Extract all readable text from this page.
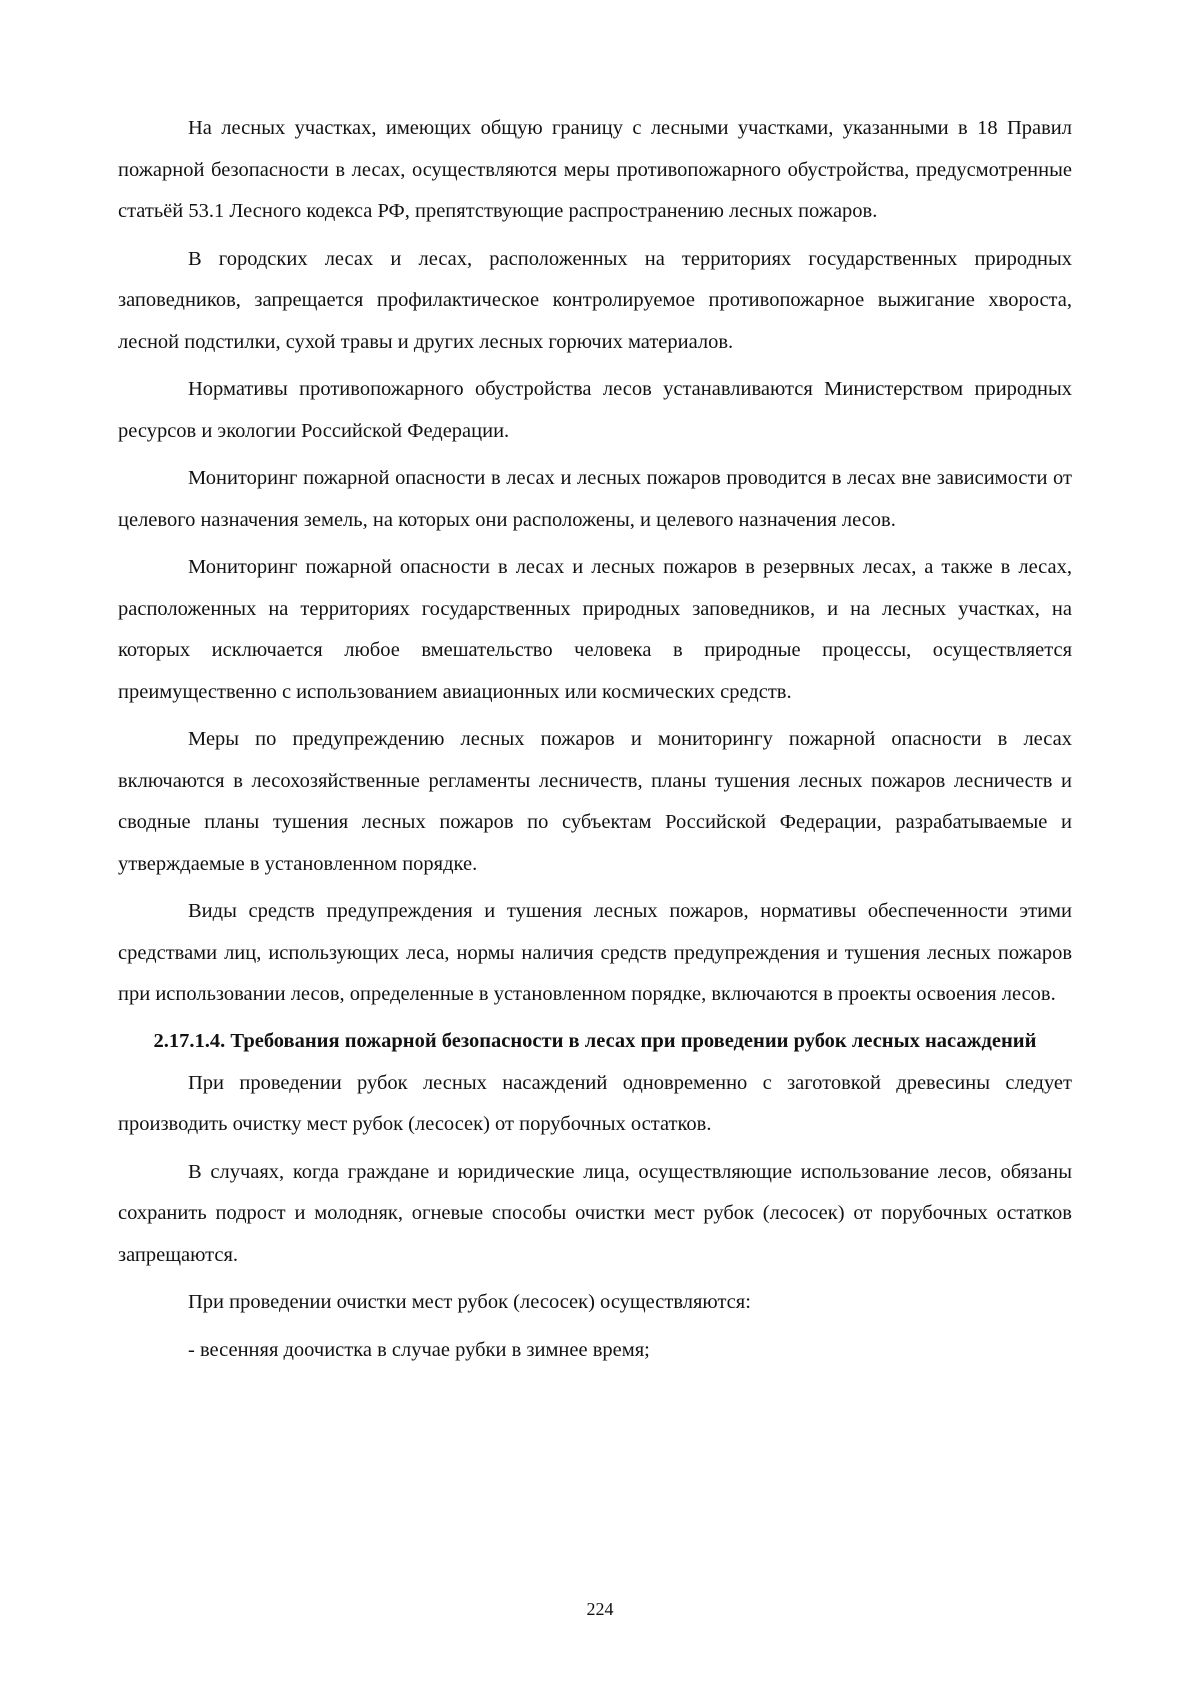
На лесных участках, имеющих общую границу с лесными участками, указанными в 18 Правил пожарной безопасности в лесах, осуществляются меры противопожарного обустройства, предусмотренные статьёй 53.1 Лесного кодекса РФ, препятствующие распространению лесных пожаров.

В городских лесах и лесах, расположенных на территориях государственных природных заповедников, запрещается профилактическое контролируемое противопожарное выжигание хвороста, лесной подстилки, сухой травы и других лесных горючих материалов.

Нормативы противопожарного обустройства лесов устанавливаются Министерством природных ресурсов и экологии Российской Федерации.

Мониторинг пожарной опасности в лесах и лесных пожаров проводится в лесах вне зависимости от целевого назначения земель, на которых они расположены, и целевого назначения лесов.

Мониторинг пожарной опасности в лесах и лесных пожаров в резервных лесах, а также в лесах, расположенных на территориях государственных природных заповедников, и на лесных участках, на которых исключается любое вмешательство человека в природные процессы, осуществляется преимущественно с использованием авиационных или космических средств.

Меры по предупреждению лесных пожаров и мониторингу пожарной опасности в лесах включаются в лесохозяйственные регламенты лесничеств, планы тушения лесных пожаров лесничеств и сводные планы тушения лесных пожаров по субъектам Российской Федерации, разрабатываемые и утверждаемые в установленном порядке.

Виды средств предупреждения и тушения лесных пожаров, нормативы обеспеченности этими средствами лиц, использующих леса, нормы наличия средств предупреждения и тушения лесных пожаров при использовании лесов, определенные в установленном порядке, включаются в проекты освоения лесов.

2.17.1.4. Требования пожарной безопасности в лесах при проведении рубок лесных насаждений

При проведении рубок лесных насаждений одновременно с заготовкой древесины следует производить очистку мест рубок (лесосек) от порубочных остатков.

В случаях, когда граждане и юридические лица, осуществляющие использование лесов, обязаны сохранить подрост и молодняк, огневые способы очистки мест рубок (лесосек) от порубочных остатков запрещаются.

При проведении очистки мест рубок (лесосек) осуществляются:

- весенняя доочистка в случае рубки в зимнее время;

224
